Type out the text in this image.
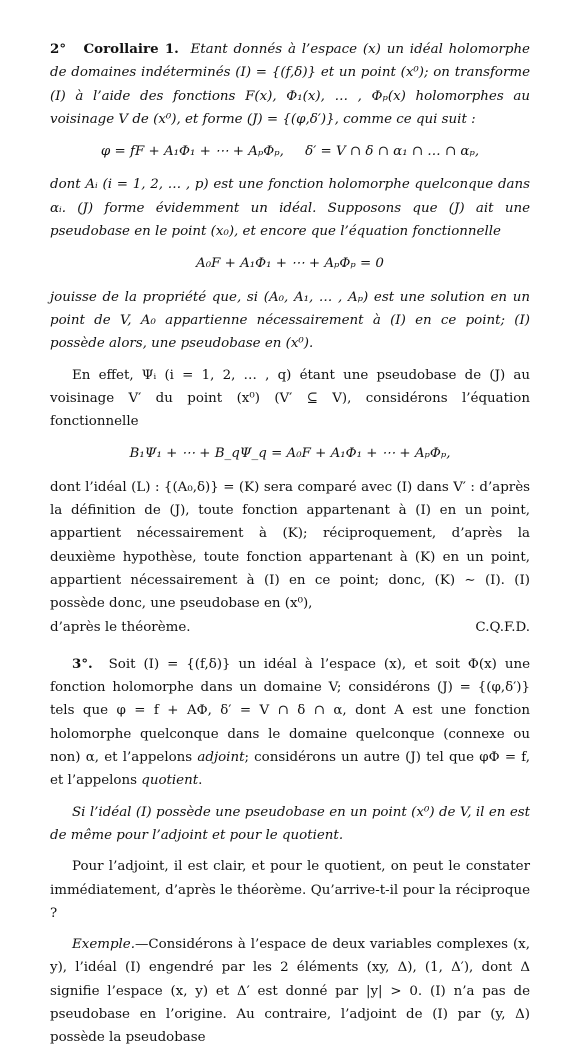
2° Corollaire 1. Etant donnés à l’espace (x) un idéal holomorphe de domaines indéterminés (I) = {(f,δ)} et un point (x⁰); on transforme (I) à l’aide des fonctions F(x), Φ₁(x), … , Φₚ(x) holomorphes au voisinage V de (x⁰), et forme (J) = {(φ,δ′)}, comme ce qui suit :

φ = fF + A₁Φ₁ + ⋯ + AₚΦₚ,     δ′ = V ∩ δ ∩ α₁ ∩ … ∩ αₚ,

dont Aᵢ (i = 1, 2, … , p) est une fonction holomorphe quelconque dans αᵢ. (J) forme évidemment un idéal. Supposons que (J) ait une pseudobase en le point (x₀), et encore que l’équation fonctionnelle

A₀F + A₁Φ₁ + ⋯ + AₚΦₚ = 0

jouisse de la propriété que, si (A₀, A₁, … , Aₚ) est une solution en un point de V, A₀ appartienne nécessairement à (I) en ce point; (I) possède alors, une pseudobase en (x⁰).

En effet, Ψᵢ (i = 1, 2, … , q) étant une pseudobase de (J) au voisinage V′ du point (x⁰) (V′ ⊆ V), considérons l’équation fonctionnelle

B₁Ψ₁ + ⋯ + B_qΨ_q = A₀F + A₁Φ₁ + ⋯ + AₚΦₚ,

dont l’idéal (L) : {(A₀,δ)} = (K) sera comparé avec (I) dans V′ : d’après la définition de (J), toute fonction appartenant à (I) en un point, appartient nécessairement à (K); réciproquement, d’après la deuxième hypothèse, toute fonction appartenant à (K) en un point, appartient nécessairement à (I) en ce point; donc, (K) ∼ (I). (I) possède donc, une pseudobase en (x⁰),

d’après le théorème.	C.Q.F.D.

3°. Soit (I) = {(f,δ)} un idéal à l’espace (x), et soit Φ(x) une fonction holomorphe dans un domaine V; considérons (J) = {(φ,δ′)} tels que φ = f + AΦ, δ′ = V ∩ δ ∩ α, dont A est une fonction holomorphe quelconque dans le domaine quelconque (connexe ou non) α, et l’appelons adjoint; considérons un autre (J) tel que φΦ = f, et l’appelons quotient.

Si l’idéal (I) possède une pseudobase en un point (x⁰) de V, il en est de même pour l’adjoint et pour le quotient.

Pour l’adjoint, il est clair, et pour le quotient, on peut le constater immédiatement, d’après le théorème. Qu’arrive-t-il pour la réciproque ?

Exemple.—Considérons à l’espace de deux variables complexes (x, y), l’idéal (I) engendré par les 2 éléments (xy, Δ), (1, Δ′), dont Δ signifie l’espace (x, y) et Δ′ est donné par |y| > 0. (I) n’a pas de pseudobase en l’origine. Au contraire, l’adjoint de (I) par (y, Δ) possède la pseudobase
